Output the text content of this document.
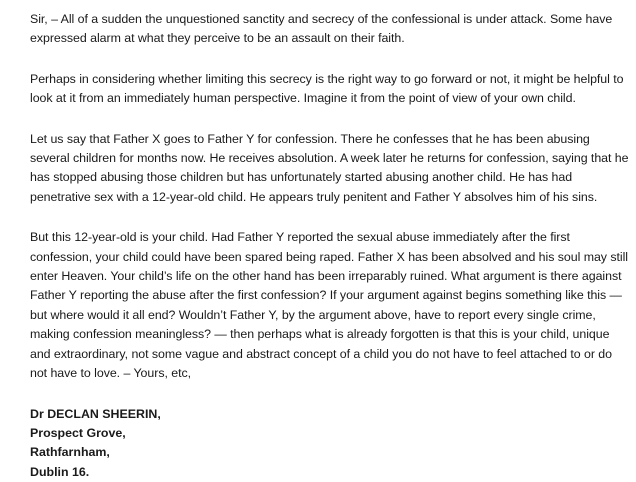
Sir, – All of a sudden the unquestioned sanctity and secrecy of the confessional is under attack. Some have expressed alarm at what they perceive to be an assault on their faith.

Perhaps in considering whether limiting this secrecy is the right way to go forward or not, it might be helpful to look at it from an immediately human perspective. Imagine it from the point of view of your own child.

Let us say that Father X goes to Father Y for confession. There he confesses that he has been abusing several children for months now. He receives absolution. A week later he returns for confession, saying that he has stopped abusing those children but has unfortunately started abusing another child. He has had penetrative sex with a 12-year-old child. He appears truly penitent and Father Y absolves him of his sins.

But this 12-year-old is your child. Had Father Y reported the sexual abuse immediately after the first confession, your child could have been spared being raped. Father X has been absolved and his soul may still enter Heaven. Your child’s life on the other hand has been irreparably ruined. What argument is there against Father Y reporting the abuse after the first confession? If your argument against begins something like this — but where would it all end? Wouldn’t Father Y, by the argument above, have to report every single crime, making confession meaningless? — then perhaps what is already forgotten is that this is your child, unique and extraordinary, not some vague and abstract concept of a child you do not have to feel attached to or do not have to love. – Yours, etc,

Dr DECLAN SHEERIN,
Prospect Grove,
Rathfarnham,
Dublin 16.
